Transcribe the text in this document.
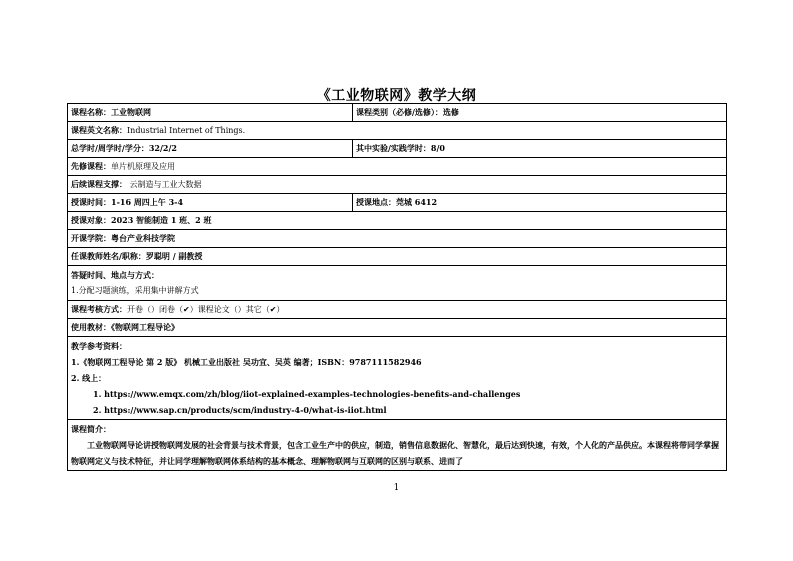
《工业物联网》教学大纲
课程名称：工业物联网	课程类别（必修/选修）：选修
课程英文名称：Industrial Internet of Things.	
总学时/周学时/学分：32/2/2	其中实验/实践学时：8/0
先修课程：单片机原理及应用	
后续课程支撑： 云制造与工业大数据	
授课时间：1-16 周四上午 3-4	授课地点：莞城 6412
授课对象：2023 智能制造 1 班、2 班	
开课学院：粤台产业科技学院	
任课教师姓名/职称：罗聪明 / 副教授	

答疑时间、地点与方式：
1.分配习题演练，采用集中讲解方式	

课程考核方式：开卷（）闭卷（✔）课程论文（）其它（✔）	
使用教材：《物联网工程导论》	

教学参考资料：
1.《物联网工程导论 第 2 版》 机械工业出版社 吴功宜、吴英 编著；ISBN：9787111582946
2. 线上：
1. https://www.emqx.com/zh/blog/iiot-explained-examples-technologies-benefits-and-challenges
2. https://www.sap.cn/products/scm/industry-4-0/what-is-iiot.html	

课程简介：
工业物联网导论讲授物联网发展的社会背景与技术背景，包含工业生产中的供应，制造，销售信息数据化、智慧化，最后达到快速，有效，个人化的产品供应。本课程将带同学掌握物联网定义与技术特征，并让同学理解物联网体系结构的基本概念、理解物联网与互联网的区别与联系、进而了	
1
